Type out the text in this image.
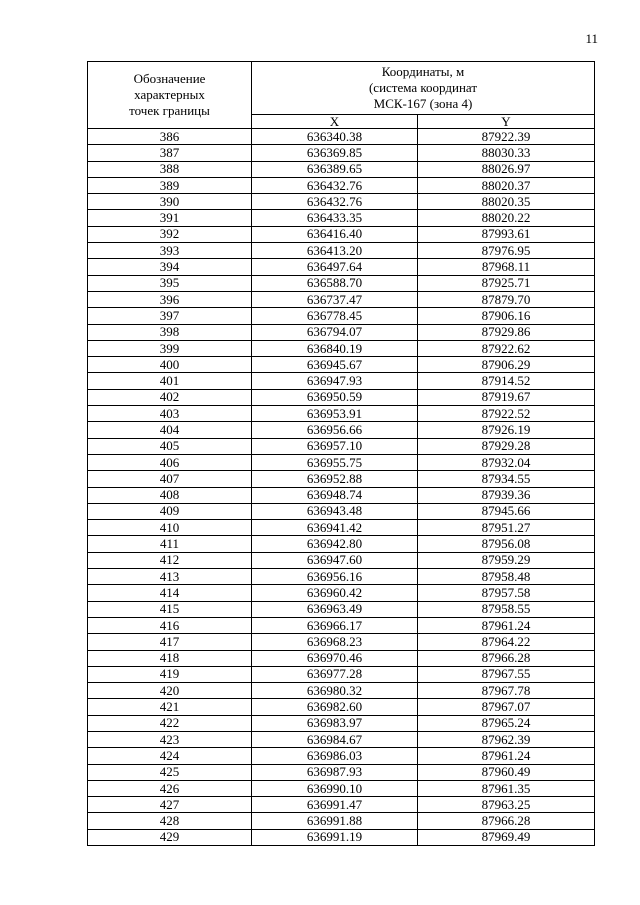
11
Обозначение
характерных
точек границы	Координаты, м
(система координат
МСК-167 (зона 4)	

	X	Y
386	636340.38	87922.39
387	636369.85	88030.33
388	636389.65	88026.97
389	636432.76	88020.37
390	636432.76	88020.35
391	636433.35	88020.22
392	636416.40	87993.61
393	636413.20	87976.95
394	636497.64	87968.11
395	636588.70	87925.71
396	636737.47	87879.70
397	636778.45	87906.16
398	636794.07	87929.86
399	636840.19	87922.62
400	636945.67	87906.29
401	636947.93	87914.52
402	636950.59	87919.67
403	636953.91	87922.52
404	636956.66	87926.19
405	636957.10	87929.28
406	636955.75	87932.04
407	636952.88	87934.55
408	636948.74	87939.36
409	636943.48	87945.66
410	636941.42	87951.27
411	636942.80	87956.08
412	636947.60	87959.29
413	636956.16	87958.48
414	636960.42	87957.58
415	636963.49	87958.55
416	636966.17	87961.24
417	636968.23	87964.22
418	636970.46	87966.28
419	636977.28	87967.55
420	636980.32	87967.78
421	636982.60	87967.07
422	636983.97	87965.24
423	636984.67	87962.39
424	636986.03	87961.24
425	636987.93	87960.49
426	636990.10	87961.35
427	636991.47	87963.25
428	636991.88	87966.28
429	636991.19	87969.49
